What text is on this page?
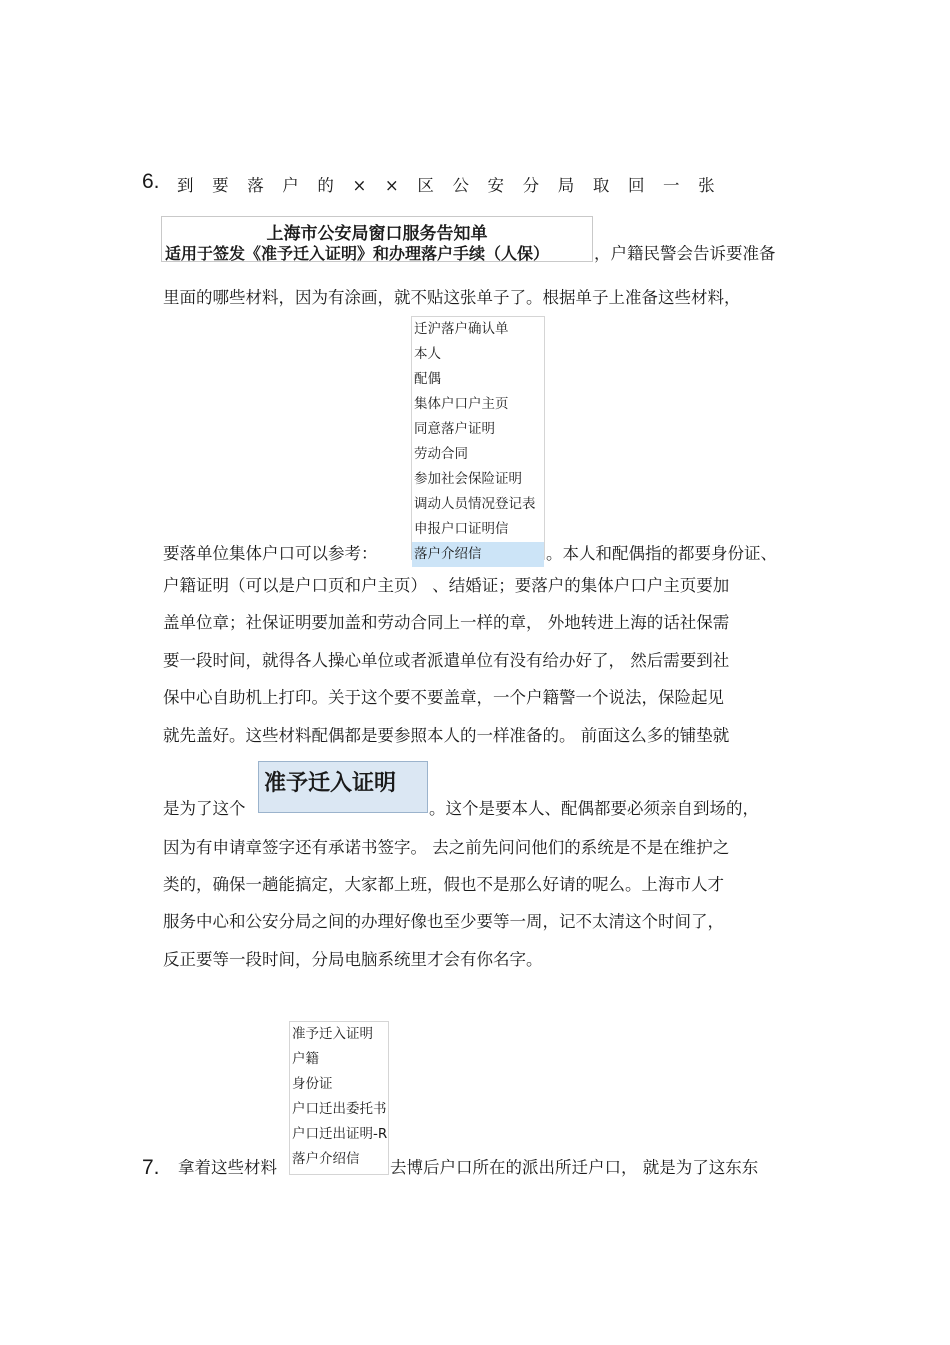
6. 到要落户的××区公安分局取回一张
上海市公安局窗口服务告知单
适用于签发《准予迁入证明》和办理落户手续（人保）	，户籍民警会告诉要准备
里面的哪些材料，因为有涂画，就不贴这张单子了。根据单子上准备这些材料，
迁沪落户确认单
本人
配偶
集体户口户主页
同意落户证明
劳动合同
参加社会保险证明
调动人员情况登记表
申报户口证明信
落户介绍信
要落单位集体户口可以参考：	。本人和配偶指的都要身份证、
户籍证明（可以是户口页和户主页） 、结婚证；要落户的集体户口户主页要加
盖单位章；社保证明要加盖和劳动合同上一样的章， 外地转进上海的话社保需
要一段时间，就得各人操心单位或者派遣单位有没有给办好了， 然后需要到社
保中心自助机上打印。关于这个要不要盖章，一个户籍警一个说法，保险起见
就先盖好。这些材料配偶都是要参照本人的一样准备的。 前面这么多的铺垫就
是为了这个
准予迁入证明
。这个是要本人、配偶都要必须亲自到场的，
因为有申请章签字还有承诺书签字。 去之前先问问他们的系统是不是在维护之
类的，确保一趟能搞定，大家都上班，假也不是那么好请的呢么。上海市人才
服务中心和公安分局之间的办理好像也至少要等一周，记不太清这个时间了，
反正要等一段时间，分局电脑系统里才会有你名字。
准予迁入证明
户籍
身份证
户口迁出委托书
户口迁出证明-R
落户介绍信
7. 拿着这些材料	去博后户口所在的派出所迁户口， 就是为了这东东
